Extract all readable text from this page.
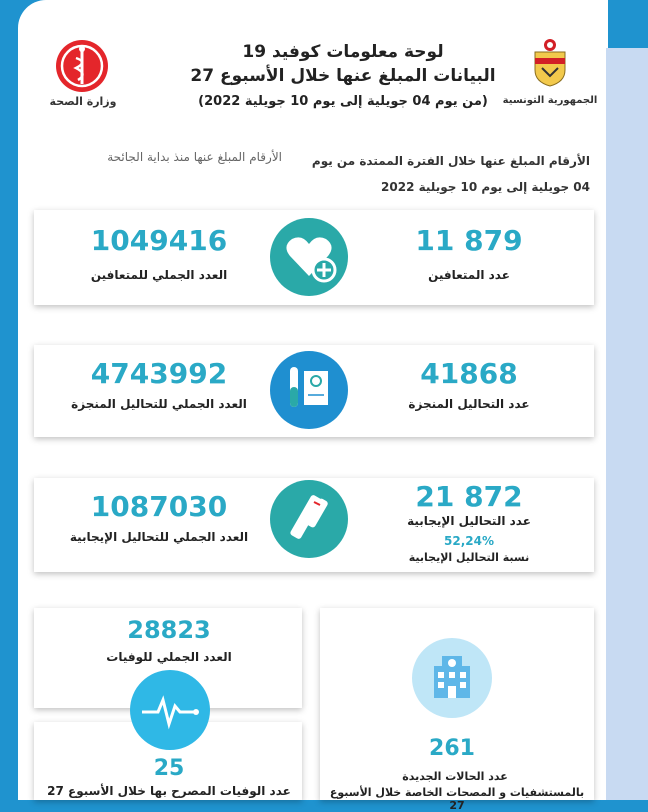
لوحة معلومات كوفيد 19
البيانات المبلغ عنها خلال الأسبوع 27
(من يوم 04 جويلية إلى يوم 10 جويلية 2022)
وزارة الصحة	الجمهورية التونسية
الأرقام المبلغ عنها خلال الفترة الممتدة من يوم
04 جويلية إلى يوم 10 جويلية 2022
الأرقام المبلغ عنها منذ بداية الجائحة
1049416
العدد الجملي للمتعافين
11 879
عدد المتعافين
4743992
العدد الجملي للتحاليل المنجزة
41868
عدد التحاليل المنجزة
1087030
العدد الجملي للتحاليل الإيجابية
21 872
عدد التحاليل الإيجابية
52,24%
نسبة التحاليل الإيجابية
28823
العدد الجملي للوفيات
25
عدد الوفيات المصرح بها خلال الأسبوع 27
261
عدد الحالات الجديدة
بالمستشفيات و المصحات الخاصة خلال الأسبوع 27
